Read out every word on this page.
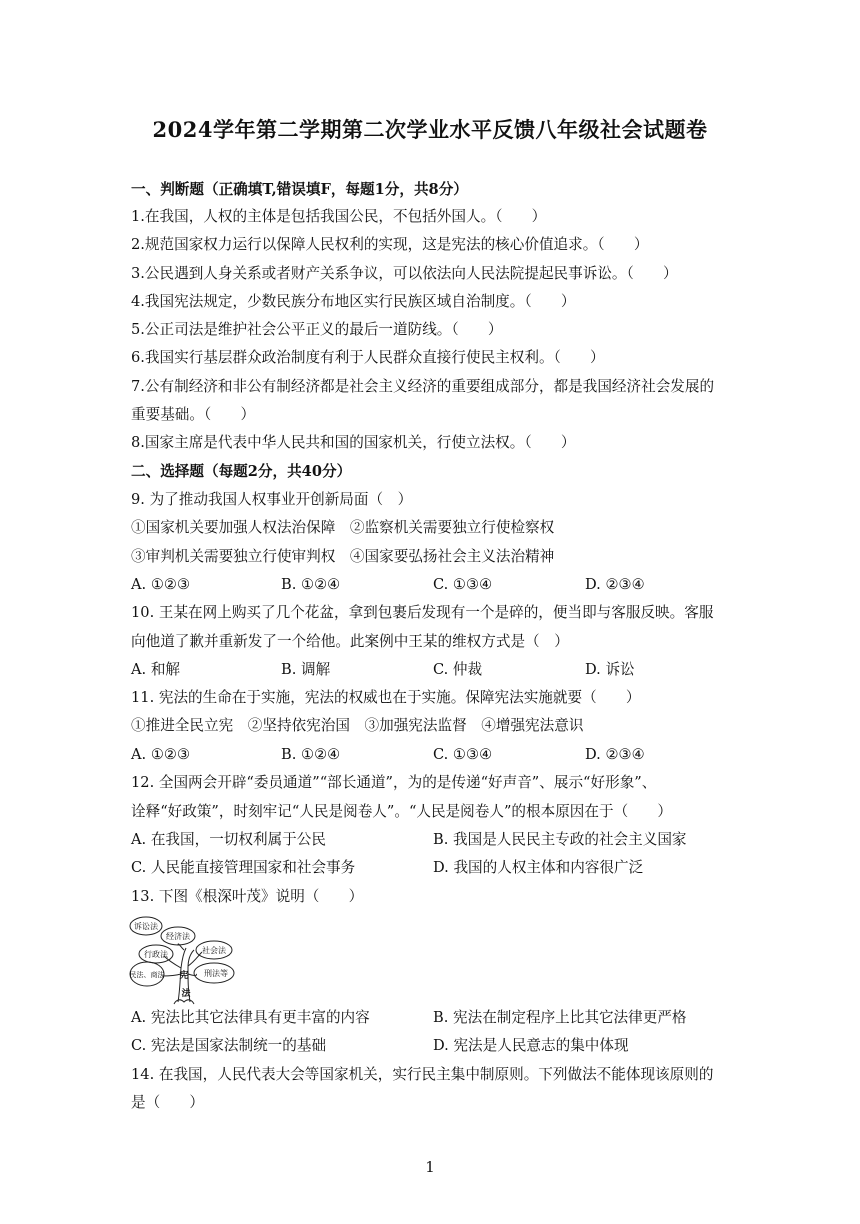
2024学年第二学期第二次学业水平反馈八年级社会试题卷
一、判断题（正确填T,错误填F，每题1分，共8分）
1.在我国，人权的主体是包括我国公民，不包括外国人。（　　）
2.规范国家权力运行以保障人民权利的实现，这是宪法的核心价值追求。（　　）
3.公民遇到人身关系或者财产关系争议，可以依法向人民法院提起民事诉讼。（　　）
4.我国宪法规定，少数民族分布地区实行民族区域自治制度。（　　）
5.公正司法是维护社会公平正义的最后一道防线。（　　）
6.我国实行基层群众政治制度有利于人民群众直接行使民主权利。（　　）
7.公有制经济和非公有制经济都是社会主义经济的重要组成部分，都是我国经济社会发展的
重要基础。（　　）
8.国家主席是代表中华人民共和国的国家机关，行使立法权。（　　）
二、选择题（每题2分，共40分）
9. 为了推动我国人权事业开创新局面（　）
①国家机关要加强人权法治保障　②监察机关需要独立行使检察权
③审判机关需要独立行使审判权　④国家要弘扬社会主义法治精神
A. ①②③	B. ①②④	C. ①③④	D. ②③④
10. 王某在网上购买了几个花盆，拿到包裹后发现有一个是碎的，便当即与客服反映。客服
向他道了歉并重新发了一个给他。此案例中王某的维权方式是（　）
A. 和解	B. 调解	C. 仲裁	D. 诉讼
11. 宪法的生命在于实施，宪法的权威也在于实施。保障宪法实施就要（　　）
①推进全民立宪　②坚持依宪治国　③加强宪法监督　④增强宪法意识
A. ①②③	B. ①②④	C. ①③④	D. ②③④
12. 全国两会开辟“委员通道”“部长通道”，为的是传递“好声音”、展示“好形象”、
诠释“好政策”，时刻牢记“人民是阅卷人”。“人民是阅卷人”的根本原因在于（　　）
A. 在我国，一切权利属于公民	B. 我国是人民民主专政的社会主义国家
C. 人民能直接管理国家和社会事务	D. 我国的人权主体和内容很广泛
13. 下图《根深叶茂》说明（　　）
诉讼法
经济法
行政法	社会法
民法、商法	刑法等
宪
法
A. 宪法比其它法律具有更丰富的内容	B. 宪法在制定程序上比其它法律更严格
C. 宪法是国家法制统一的基础	D. 宪法是人民意志的集中体现
14. 在我国，人民代表大会等国家机关，实行民主集中制原则。下列做法不能体现该原则的
是（　　）
1
